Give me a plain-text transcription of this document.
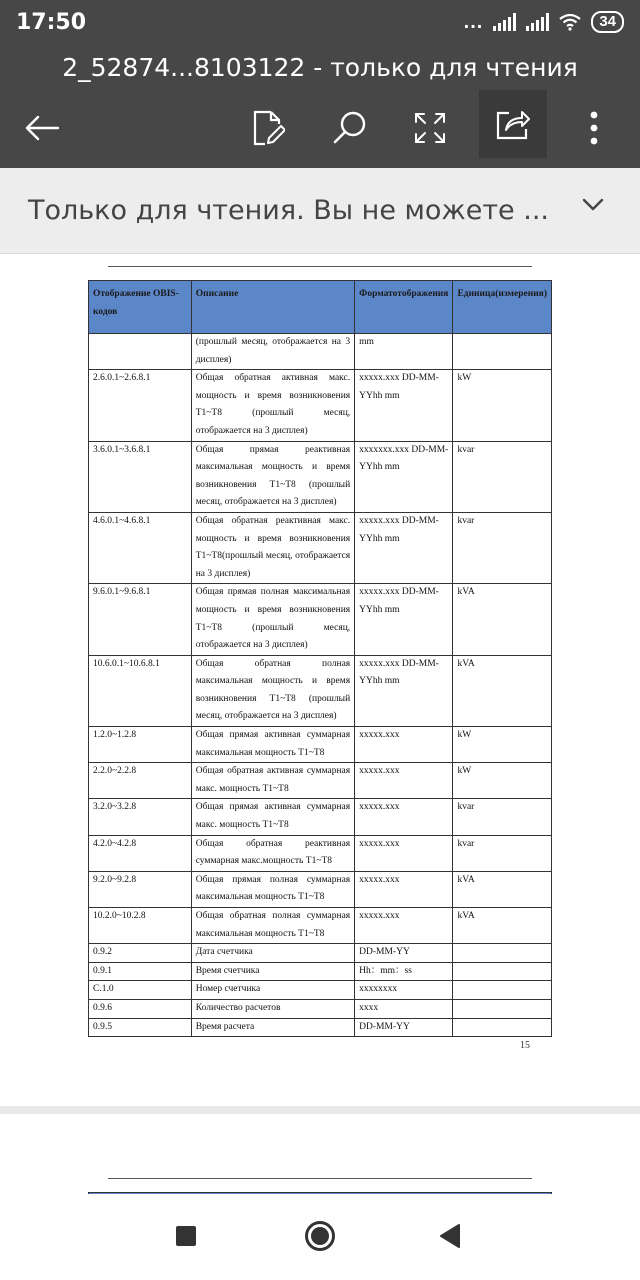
17:50	...	34
2_52874...8103122 - только для чтения
Только для чтения. Вы не можете ...
Отображение OBIS-кодов	Описание	Форматотображения	Единица(измерения)
	(прошлый месяц, отображается на 3 дисплея)	mm	
2.6.0.1~2.6.8.1	Общая обратная активная макс. мощность и время возникновения T1~T8 (прошлый месяц, отображается на 3 дисплея)	xxxxx.xxx DD-MM-YYhh mm	kW
3.6.0.1~3.6.8.1	Общая прямая реактивная максимальная мощность и время возникновения T1~T8 (прошлый месяц, отображается на 3 дисплея)	xxxxxxx.xxx DD-MM-YYhh mm	kvar
4.6.0.1~4.6.8.1	Общая обратная реактивная макс. мощность и время возникновения T1~T8(прошлый месяц, отображается на 3 дисплея)	xxxxx.xxx DD-MM-YYhh mm	kvar
9.6.0.1~9.6.8.1	Общая прямая полная максимальная мощность и время возникновения T1~T8 (прошлый месяц, отображается на 3 дисплея)	xxxxx.xxx DD-MM-YYhh mm	kVA
10.6.0.1~10.6.8.1	Общая обратная полная максимальная мощность и время возникновения T1~T8 (прошлый месяц, отображается на 3 дисплея)	xxxxx.xxx DD-MM-YYhh mm	kVA
1.2.0~1.2.8	Общая прямая активная суммарная максимальная мощность T1~T8	xxxxx.xxx	kW
2.2.0~2.2.8	Общая обратная активная суммарная макс. мощность T1~T8	xxxxx.xxx	kW
3.2.0~3.2.8	Общая прямая активная суммарная макс. мощность T1~T8	xxxxx.xxx	kvar
4.2.0~4.2.8	Общая обратная реактивная суммарная макс.мощность T1~T8	xxxxx.xxx	kvar
9.2.0~9.2.8	Общая прямая полная суммарная максимальная мощность T1~T8	xxxxx.xxx	kVA
10.2.0~10.2.8	Общая обратная полная суммарная максимальная мощность T1~T8	xxxxx.xxx	kVA
0.9.2	Дата счетчика	DD-MM-YY	
0.9.1	Время счетчика	Hh：mm：ss	
C.1.0	Номер счетчика	xxxxxxxx	
0.9.6	Количество расчетов	xxxx	
0.9.5	Время расчета	DD-MM-YY	
15
